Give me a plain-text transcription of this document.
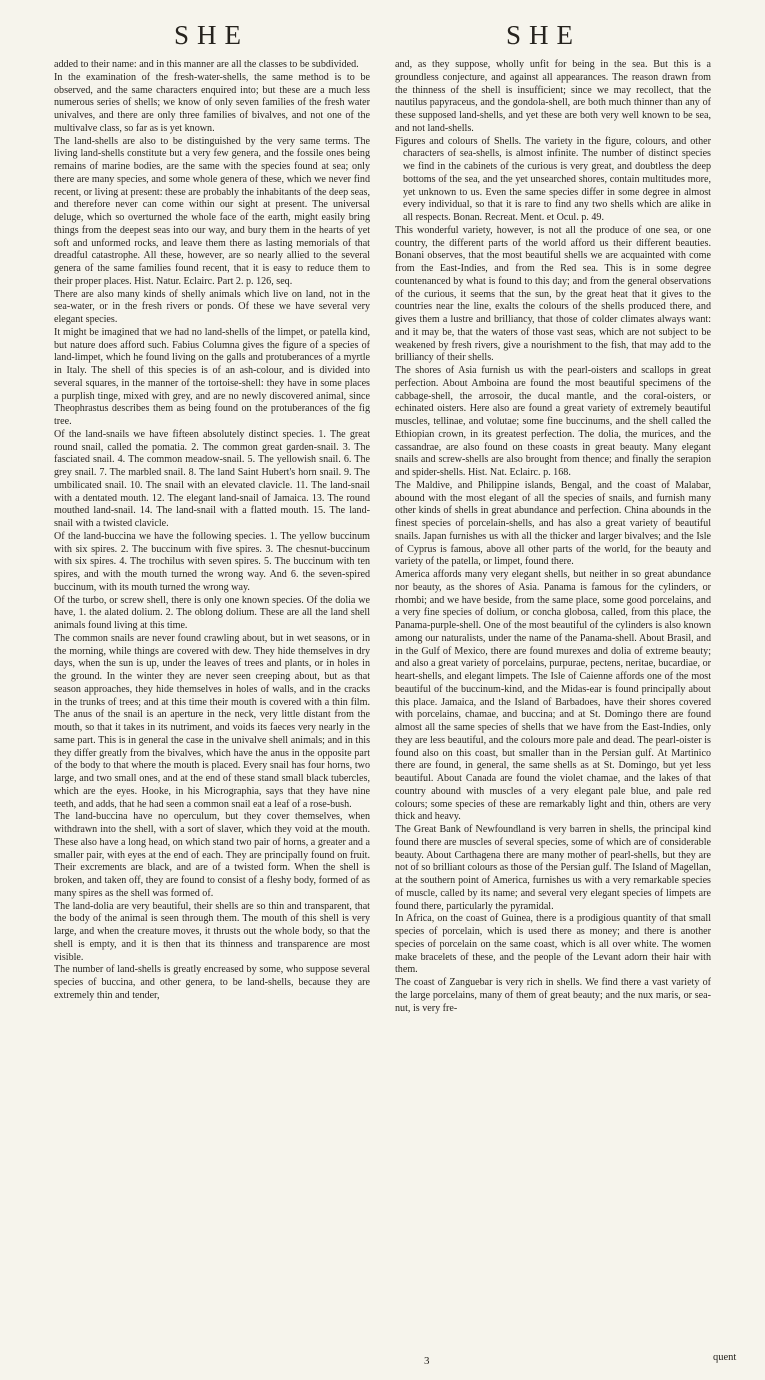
SHE	SHE

added to their name: and in this manner are all the classes to be subdivided.

In the examination of the fresh-water-shells, the same method is to be observed, and the same characters enquired into; but these are a much less numerous series of shells; we know of only seven families of the fresh water univalves, and there are only three families of bivalves, and not one of the multivalve class, so far as is yet known.

The land-shells are also to be distinguished by the very same terms. The living land-shells constitute but a very few genera, and the fossile ones being remains of marine bodies, are the same with the species found at sea; only there are many species, and some whole genera of these, which we never find recent, or living at present: these are probably the inhabitants of the deep seas, and therefore never can come within our sight at present. The universal deluge, which so overturned the whole face of the earth, might easily bring things from the deepest seas into our way, and bury them in the hearts of yet soft and unformed rocks, and leave them there as lasting memorials of that dreadful catastrophe. All these, however, are so nearly allied to the several genera of the same families found recent, that it is easy to reduce them to their proper places. Hist. Natur. Eclairc. Part 2. p. 126, seq.

There are also many kinds of shelly animals which live on land, not in the sea-water, or in the fresh rivers or ponds. Of these we have several very elegant species.

It might be imagined that we had no land-shells of the limpet, or patella kind, but nature does afford such. Fabius Columna gives the figure of a species of land-limpet, which he found living on the galls and protuberances of a myrtle in Italy. The shell of this species is of an ash-colour, and is divided into several squares, in the manner of the tortoise-shell: they have in some places a purplish tinge, mixed with grey, and are no newly discovered animal, since Theophrastus describes them as being found on the protuberances of the fig tree.

Of the land-snails we have fifteen absolutely distinct species. 1. The great round snail, called the pomatia. 2. The common great garden-snail. 3. The fasciated snail. 4. The common meadow-snail. 5. The yellowish snail. 6. The grey snail. 7. The marbled snail. 8. The land Saint Hubert's horn snail. 9. The umbilicated snail. 10. The snail with an elevated clavicle. 11. The land-snail with a dentated mouth. 12. The elegant land-snail of Jamaica. 13. The round mouthed land-snail. 14. The land-snail with a flatted mouth. 15. The land-snail with a twisted clavicle.

Of the land-buccina we have the following species. 1. The yellow buccinum with six spires. 2. The buccinum with five spires. 3. The chesnut-buccinum with six spires. 4. The trochilus with seven spires. 5. The buccinum with ten spires, and with the mouth turned the wrong way. And 6. the seven-spired buccinum, with its mouth turned the wrong way.

Of the turbo, or screw shell, there is only one known species. Of the dolia we have, 1. the alated dolium. 2. The oblong dolium. These are all the land shell animals found living at this time.

The common snails are never found crawling about, but in wet seasons, or in the morning, while things are covered with dew. They hide themselves in dry days, when the sun is up, under the leaves of trees and plants, or in holes in the ground. In the winter they are never seen creeping about, but as that season approaches, they hide themselves in holes of walls, and in the cracks in the trunks of trees; and at this time their mouth is covered with a thin film. The anus of the snail is an aperture in the neck, very little distant from the mouth, so that it takes in its nutriment, and voids its faeces very nearly in the same part. This is in general the case in the univalve shell animals; and in this they differ greatly from the bivalves, which have the anus in the opposite part of the body to that where the mouth is placed. Every snail has four horns, two large, and two small ones, and at the end of these stand small black tubercles, which are the eyes. Hooke, in his Micrographia, says that they have nine teeth, and adds, that he had seen a common snail eat a leaf of a rose-bush.

The land-buccina have no operculum, but they cover themselves, when withdrawn into the shell, with a sort of slaver, which they void at the mouth. These also have a long head, on which stand two pair of horns, a greater and a smaller pair, with eyes at the end of each. They are principally found on fruit. Their excrements are black, and are of a twisted form. When the shell is broken, and taken off, they are found to consist of a fleshy body, formed of as many spires as the shell was formed of.

The land-dolia are very beautiful, their shells are so thin and transparent, that the body of the animal is seen through them. The mouth of this shell is very large, and when the creature moves, it thrusts out the whole body, so that the shell is empty, and it is then that its thinness and transparence are most visible.

The number of land-shells is greatly encreased by some, who suppose several species of buccina, and other genera, to be land-shells, because they are extremely thin and tender,

and, as they suppose, wholly unfit for being in the sea. But this is a groundless conjecture, and against all appearances. The reason drawn from the thinness of the shell is insufficient; since we may recollect, that the nautilus papyraceus, and the gondola-shell, are both much thinner than any of these supposed land-shells, and yet these are both very well known to be sea, and not land-shells.

Figures and colours of Shells. The variety in the figure, colours, and other characters of sea-shells, is almost infinite. The number of distinct species we find in the cabinets of the curious is very great, and doubtless the deep bottoms of the sea, and the yet unsearched shores, contain multitudes more, yet unknown to us. Even the same species differ in some degree in almost every individual, so that it is rare to find any two shells which are alike in all respects. Bonan. Recreat. Ment. et Ocul. p. 49.

This wonderful variety, however, is not all the produce of one sea, or one country, the different parts of the world afford us their different beauties. Bonani observes, that the most beautiful shells we are acquainted with come from the East-Indies, and from the Red sea. This is in some degree countenanced by what is found to this day; and from the general observations of the curious, it seems that the sun, by the great heat that it gives to the countries near the line, exalts the colours of the shells produced there, and gives them a lustre and brilliancy, that those of colder climates always want: and it may be, that the waters of those vast seas, which are not subject to be weakened by fresh rivers, give a nourishment to the fish, that may add to the brilliancy of their shells.

The shores of Asia furnish us with the pearl-oisters and scallops in great perfection. About Amboina are found the most beautiful specimens of the cabbage-shell, the arrosoir, the ducal mantle, and the coral-oisters, or echinated oisters. Here also are found a great variety of extremely beautiful muscles, tellinae, and volutae; some fine buccinums, and the shell called the Ethiopian crown, in its greatest perfection. The dolia, the murices, and the cassandrae, are also found on these coasts in great beauty. Many elegant snails and screw-shells are also brought from thence; and finally the serapion and spider-shells. Hist. Nat. Eclairc. p. 168.

The Maldive, and Philippine islands, Bengal, and the coast of Malabar, abound with the most elegant of all the species of snails, and furnish many other kinds of shells in great abundance and perfection. China abounds in the finest species of porcelain-shells, and has also a great variety of beautiful snails. Japan furnishes us with all the thicker and larger bivalves; and the Isle of Cyprus is famous, above all other parts of the world, for the beauty and variety of the patella, or limpet, found there.

America affords many very elegant shells, but neither in so great abundance nor beauty, as the shores of Asia. Panama is famous for the cylinders, or rhombi; and we have beside, from the same place, some good porcelains, and a very fine species of dolium, or concha globosa, called, from this place, the Panama-purple-shell. One of the most beautiful of the cylinders is also known among our naturalists, under the name of the Panama-shell. About Brasil, and in the Gulf of Mexico, there are found murexes and dolia of extreme beauty; and also a great variety of porcelains, purpurae, pectens, neritae, bucardiae, or heart-shells, and elegant limpets. The Isle of Caienne affords one of the most beautiful of the buccinum-kind, and the Midas-ear is found principally about this place. Jamaica, and the Island of Barbadoes, have their shores covered with porcelains, chamae, and buccina; and at St. Domingo there are found almost all the same species of shells that we have from the East-Indies, only they are less beautiful, and the colours more pale and dead. The pearl-oister is found also on this coast, but smaller than in the Persian gulf. At Martinico there are found, in general, the same shells as at St. Domingo, but yet less beautiful. About Canada are found the violet chamae, and the lakes of that country abound with muscles of a very elegant pale blue, and pale red colours; some species of these are remarkably light and thin, others are very thick and heavy.

The Great Bank of Newfoundland is very barren in shells, the principal kind found there are muscles of several species, some of which are of considerable beauty. About Carthagena there are many mother of pearl-shells, but they are not of so brilliant colours as those of the Persian gulf. The Island of Magellan, at the southern point of America, furnishes us with a very remarkable species of muscle, called by its name; and several very elegant species of limpets are found there, particularly the pyramidal.

In Africa, on the coast of Guinea, there is a prodigious quantity of that small species of porcelain, which is used there as money; and there is another species of porcelain on the same coast, which is all over white. The women make bracelets of these, and the people of the Levant adorn their hair with them.

The coast of Zanguebar is very rich in shells. We find there a vast variety of the large porcelains, many of them of great beauty; and the nux maris, or sea-nut, is very fre-

3	quent
